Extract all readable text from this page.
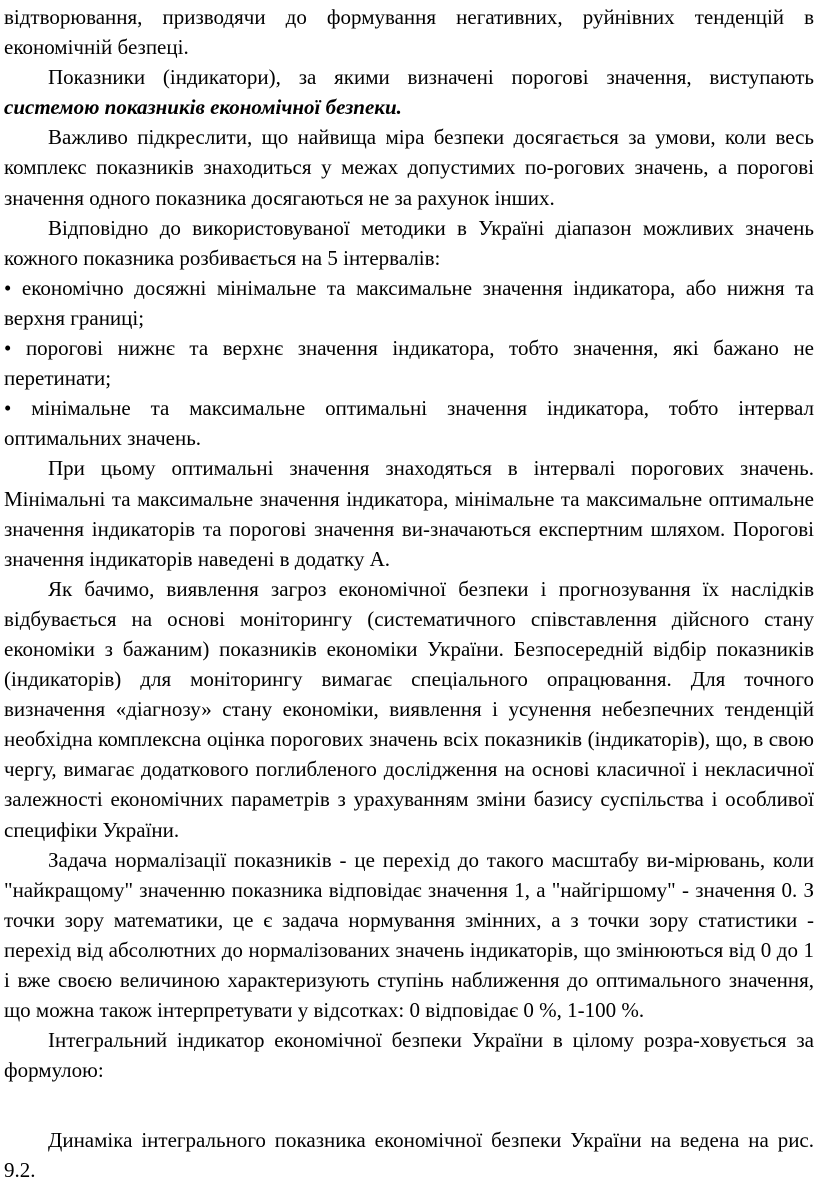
відтворювання, призводячи до формування негативних, руйнівних тенденцій в економічній безпеці.

Показники (індикатори), за якими визначені порогові значення, виступають системою показників економічної безпеки.

Важливо підкреслити, що найвища міра безпеки досягається за умови, коли весь комплекс показників знаходиться у межах допустимих по-рогових значень, а порогові значення одного показника досягаються не за рахунок інших.

Відповідно до використовуваної методики в Україні діапазон можливих значень кожного показника розбивається на 5 інтервалів:

• економічно досяжні мінімальне та максимальне значення індикатора, або нижня та верхня границі;

• порогові нижнє та верхнє значення індикатора, тобто значення, які бажано не перетинати;

• мінімальне та максимальне оптимальні значення індикатора, тобто інтервал оптимальних значень.

При цьому оптимальні значення знаходяться в інтервалі порогових значень. Мінімальні та максимальне значення індикатора, мінімальне та максимальне оптимальне значення індикаторів та порогові значення ви-значаються експертним шляхом. Порогові значення індикаторів наведені в додатку А.

Як бачимо, виявлення загроз економічної безпеки і прогнозування їх наслідків відбувається на основі моніторингу (систематичного співставлення дійсного стану економіки з бажаним) показників економіки України. Безпосередній відбір показників (індикаторів) для моніторингу вимагає спеціального опрацювання. Для точного визначення «діагнозу» стану економіки, виявлення і усунення небезпечних тенденцій необхідна комплексна оцінка порогових значень всіх показників (індикаторів), що, в свою чергу, вимагає додаткового поглибленого дослідження на основі класичної і некласичної залежності економічних параметрів з урахуванням зміни базису суспільства і особливої специфіки України.

Задача нормалізації показників - це перехід до такого масштабу ви-мірювань, коли "найкращому" значенню показника відповідає значення 1, а "найгіршому" - значення 0. З точки зору математики, це є задача нормування змінних, а з точки зору статистики - перехід від абсолютних до нормалізованих значень індикаторів, що змінюються від 0 до 1 і вже своєю величиною характеризують ступінь наближення до оптимального значення, що можна також інтерпретувати у відсотках: 0 відповідає 0 %, 1-100 %.

Інтегральний індикатор економічної безпеки України в цілому розра-ховується за формулою:

Динаміка інтегрального показника економічної безпеки України на ведена на рис. 9.2.
